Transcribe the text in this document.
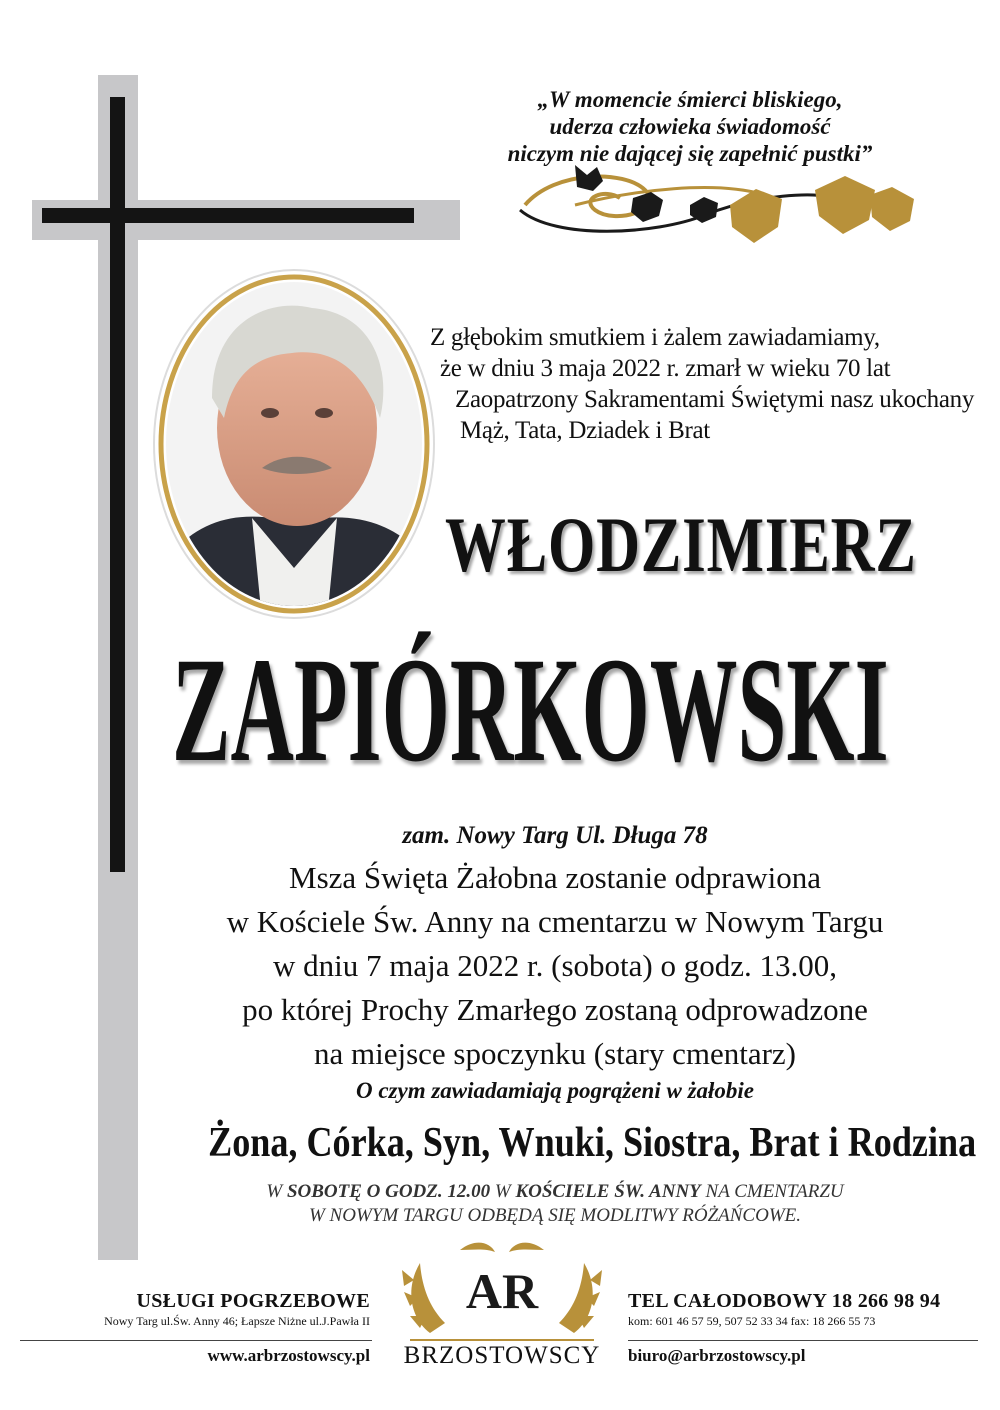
„W momencie śmierci bliskiego,
uderza człowieka świadomość
niczym nie dającej się zapełnić pustki”
Z głębokim smutkiem i żalem zawiadamiamy,
że w dniu 3 maja 2022 r. zmarł w wieku 70 lat
Zaopatrzony Sakramentami Świętymi nasz ukochany
Mąż, Tata, Dziadek i Brat
WŁODZIMIERZ
ZAPIÓRKOWSKI
zam. Nowy Targ Ul. Długa 78
Msza Święta Żałobna zostanie odprawiona
w Kościele Św. Anny na cmentarzu w Nowym Targu
w dniu 7 maja 2022 r. (sobota) o godz. 13.00,
po której Prochy Zmarłego zostaną odprowadzone
na miejsce spoczynku (stary cmentarz)
O czym zawiadamiają pogrążeni w żałobie
Żona, Córka, Syn, Wnuki, Siostra, Brat i Rodzina
W SOBOTĘ O GODZ. 12.00 W KOŚCIELE ŚW. ANNY NA CMENTARZU
W NOWYM TARGU ODBĘDĄ SIĘ MODLITWY RÓŻAŃCOWE.
USŁUGI POGRZEBOWE
Nowy Targ ul.Św. Anny 46; Łapsze Niżne ul.J.Pawła II
www.arbrzostowscy.pl
AR
BRZOSTOWSCY
TEL CAŁODOBOWY 18 266 98 94
kom: 601 46 57 59, 507 52 33 34 fax: 18 266 55 73
biuro@arbrzostowscy.pl
